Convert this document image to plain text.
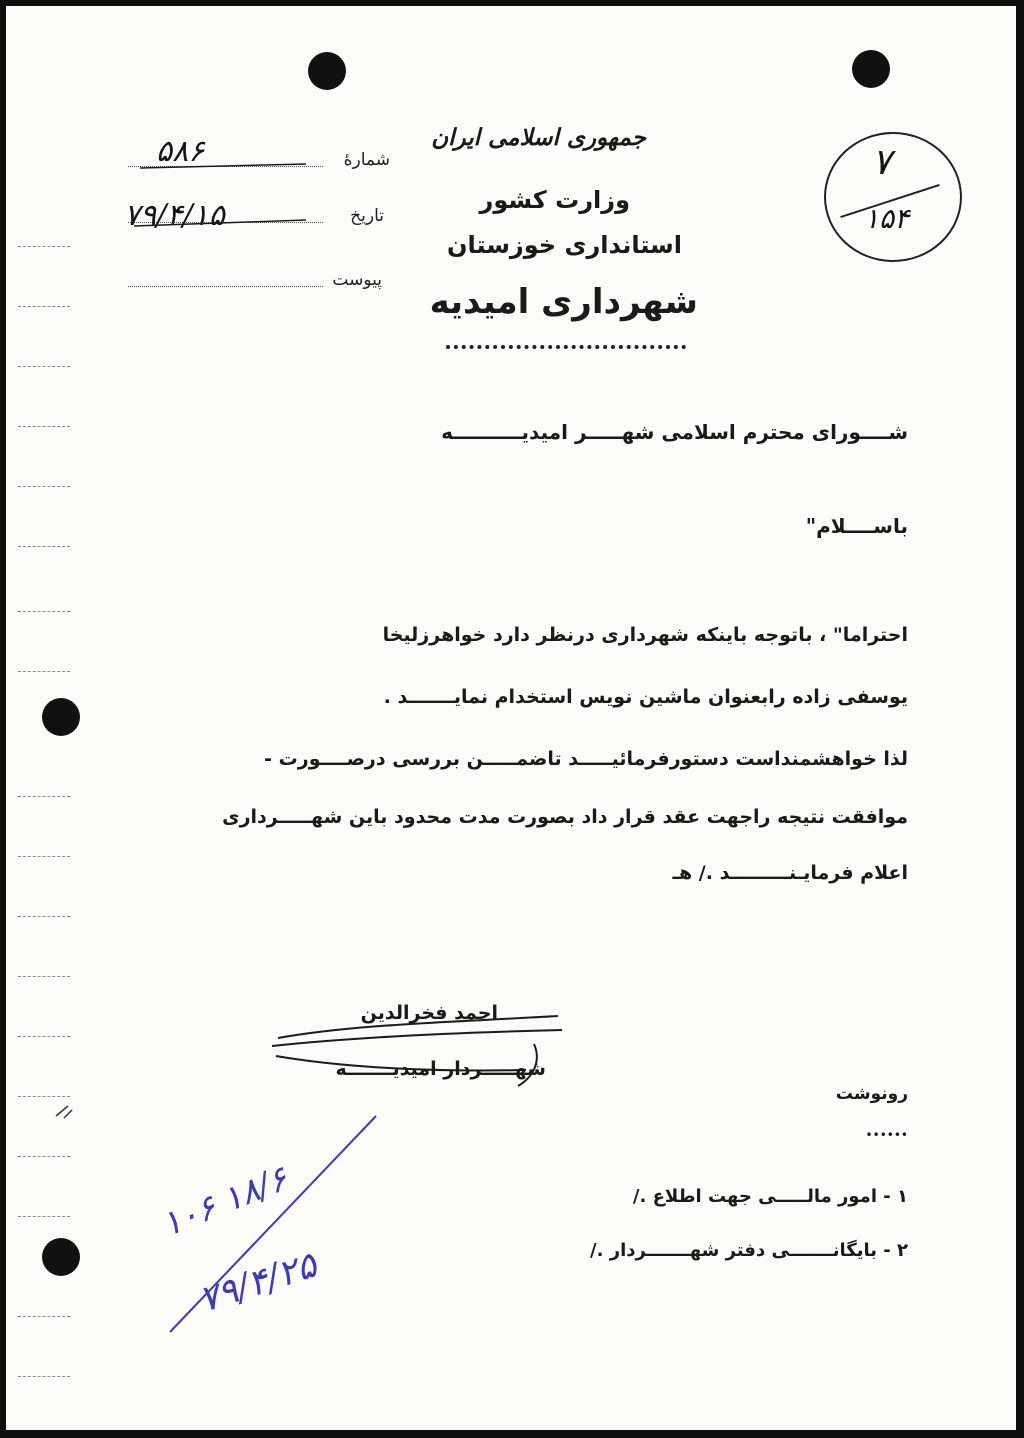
جمهوری اسلامی ایران
وزارت کشور
استانداری خوزستان
شهرداری امیدیه
شمارهٔ
۵۸۶
تاریخ
۷۹/۴/۱۵
پیوست
۷
۱۵۴
شــــورای محترم اسلامی شهـــــر امیدیــــــــــه
باســــلام"
احتراما" ، باتوجه باینکه شهرداری درنظر دارد خواهرزلیخا
یوسفی زاده رابعنوان ماشین نویس استخدام نمایـــــــد .
لذا خواهشمنداست دستورفرمائیـــــد تاضمـــــن بررسی درصــــورت -
موافقت نتیجه راجهت عقد قرار داد بصورت مدت محدود باین شهـــــرداری
اعلام فرمایـنـــــــــد ./ هـ
احمد فخرالدین
شهـــــردار امیدیـــــــه
رونوشت
••••••
۱ - امور مالـــــی جهت اطلاع ./
۲ - بایگانـــــــی دفتر شهـــــــردار ./
۱۰۶ ۱۸/۶
۷۹/۴/۲۵
